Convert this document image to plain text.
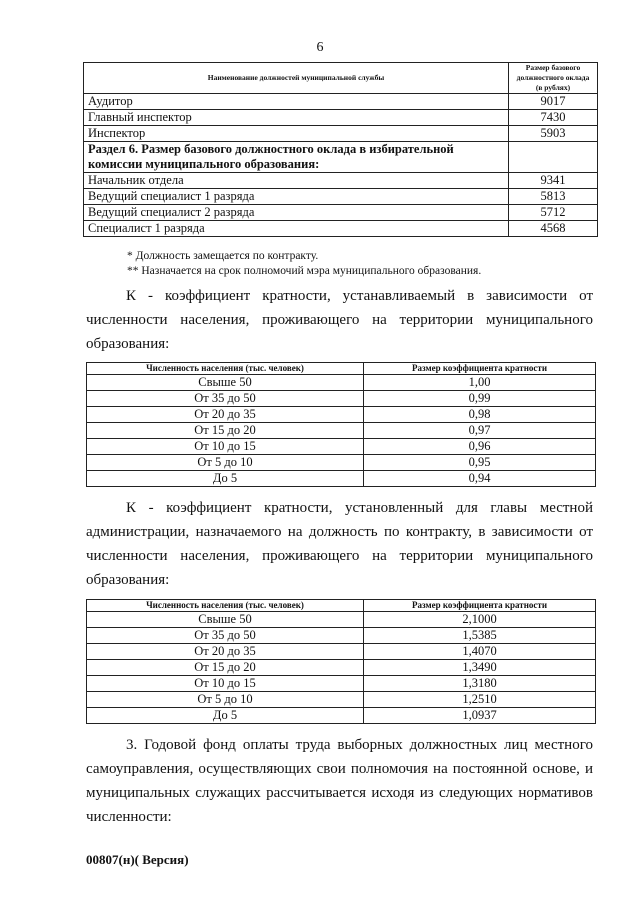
6
Наименование должностей муниципальной службы	Размер базового должностного оклада (в рублях)
Аудитор	9017
Главный инспектор	7430
Инспектор	5903
Раздел 6. Размер базового должностного оклада в избирательной комиссии муниципального образования:	
Начальник отдела	9341
Ведущий специалист 1 разряда	5813
Ведущий специалист 2 разряда	5712
Специалист 1 разряда	4568
* Должность замещается по контракту.
** Назначается на срок полномочий мэра муниципального образования.

К - коэффициент кратности, устанавливаемый в зависимости от численности населения, проживающего на территории муниципального образования:

Численность населения (тыс. человек)	Размер коэффициента кратности
Свыше 50	1,00
От 35 до 50	0,99
От 20 до 35	0,98
От 15 до 20	0,97
От 10 до 15	0,96
От 5 до 10	0,95
До 5	0,94

К - коэффициент кратности, установленный для главы местной администрации, назначаемого на должность по контракту, в зависимости от численности населения, проживающего на территории муниципального образования:

Численность населения (тыс. человек)	Размер коэффициента кратности
Свыше 50	2,1000
От 35 до 50	1,5385
От 20 до 35	1,4070
От 15 до 20	1,3490
От 10 до 15	1,3180
От 5 до 10	1,2510
До 5	1,0937

3. Годовой фонд оплаты труда выборных должностных лиц местного самоуправления, осуществляющих свои полномочия на постоянной основе, и муниципальных служащих рассчитывается исходя из следующих нормативов численности:

00807(н)( Версия)
